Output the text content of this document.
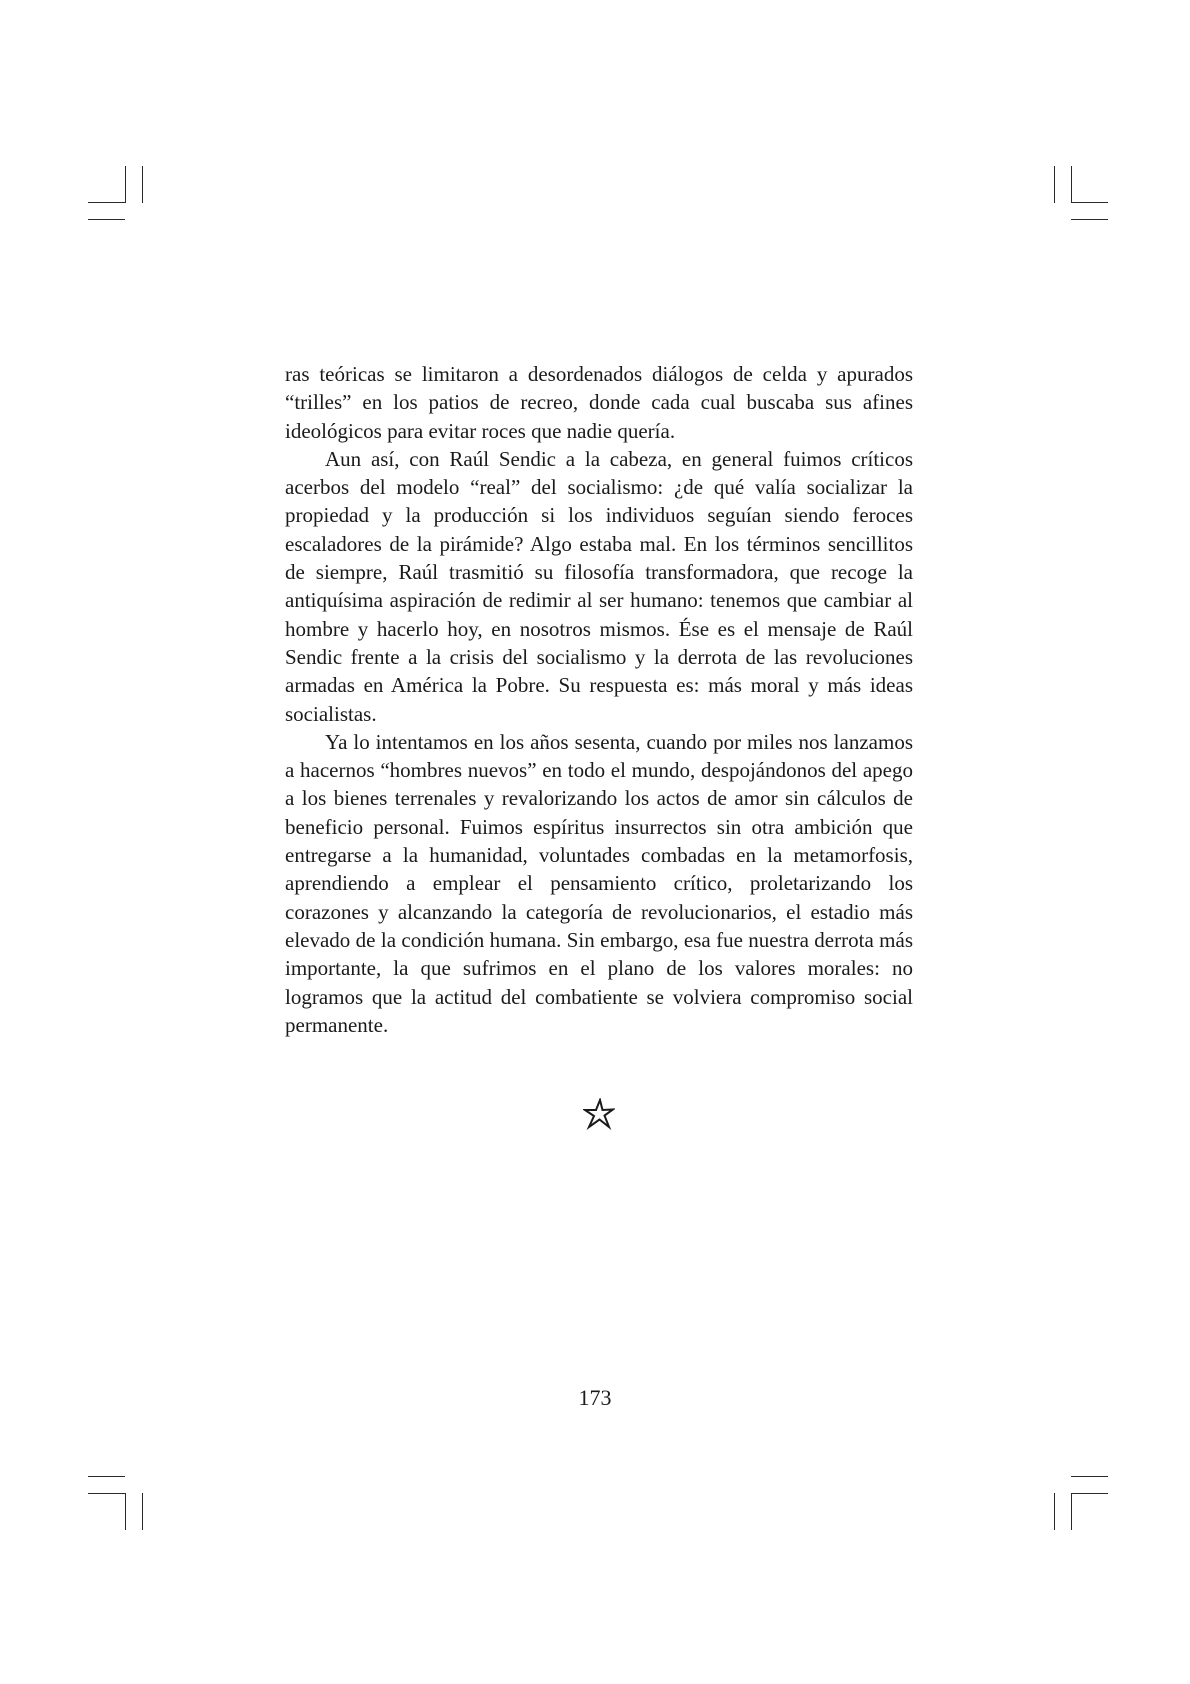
ras teóricas se limitaron a desordenados diálogos de celda y apurados “trilles” en los patios de recreo, donde cada cual buscaba sus afines ideológicos para evitar roces que nadie quería.

Aun así, con Raúl Sendic a la cabeza, en general fuimos críticos acerbos del modelo “real” del socialismo: ¿de qué valía socializar la propiedad y la producción si los individuos seguían siendo feroces escaladores de la pirámide? Algo estaba mal. En los términos sencillitos de siempre, Raúl trasmitió su filosofía transformadora, que recoge la antiquísima aspiración de redimir al ser humano: tenemos que cambiar al hombre y hacerlo hoy, en nosotros mismos. Ése es el mensaje de Raúl Sendic frente a la crisis del socialismo y la derrota de las revoluciones armadas en América la Pobre. Su respuesta es: más moral y más ideas socialistas.

Ya lo intentamos en los años sesenta, cuando por miles nos lanzamos a hacernos “hombres nuevos” en todo el mundo, despojándonos del apego a los bienes terrenales y revalorizando los actos de amor sin cálculos de beneficio personal. Fuimos espíritus insurrectos sin otra ambición que entregarse a la humanidad, voluntades combadas en la metamorfosis, aprendiendo a emplear el pensamiento crítico, proletarizando los corazones y alcanzando la categoría de revolucionarios, el estadio más elevado de la condición humana. Sin embargo, esa fue nuestra derrota más importante, la que sufrimos en el plano de los valores morales: no logramos que la actitud del combatiente se volviera compromiso social permanente.

173
